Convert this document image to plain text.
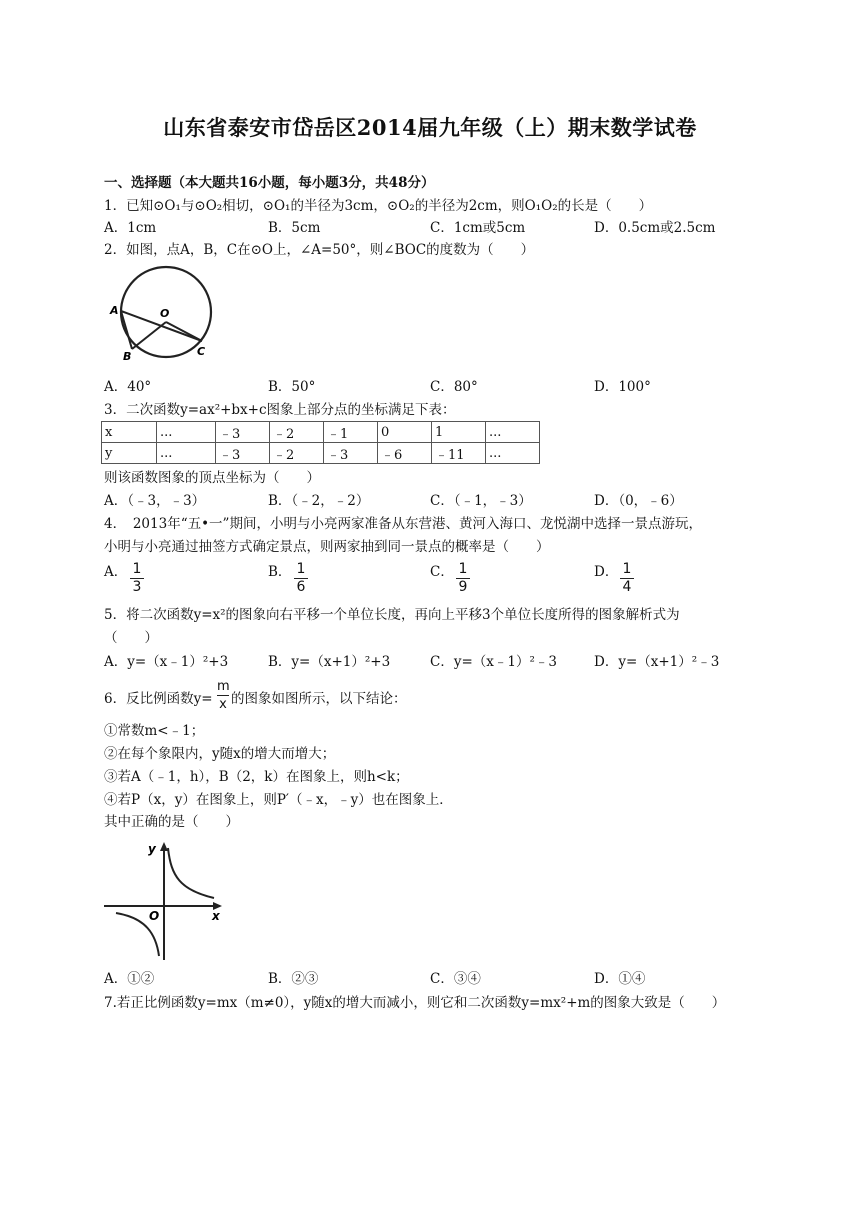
山东省泰安市岱岳区2014届九年级（上）期末数学试卷
一、选择题（本大题共16小题，每小题3分，共48分）
1．已知⊙O₁与⊙O₂相切，⊙O₁的半径为3cm，⊙O₂的半径为2cm，则O₁O₂的长是（　　）
A．1cm	B．5cm	C．1cm或5cm	D．0.5cm或2.5cm
2．如图，点A，B，C在⊙O上，∠A=50°，则∠BOC的度数为（　　）
A	O
B	C
A．40°	B．50°	C．80°	D．100°
3．二次函数y=ax²+bx+c图象上部分点的坐标满足下表：
x	...	﹣3	﹣2	﹣1	0	1	...
y	...	﹣3	﹣2	﹣3	﹣6	﹣11	...
则该函数图象的顶点坐标为（　　）
A．（﹣3，﹣3）	B．（﹣2，﹣2）	C．（﹣1，﹣3）	D．（0，﹣6）
4．　2013年“五•一”期间，小明与小亮两家准备从东营港、黄河入海口、龙悦湖中选择一景点游玩，
小明与小亮通过抽签方式确定景点，则两家抽到同一景点的概率是（　　）
A． 1
3
B． 1
6
C． 1
9
D． 1
4
5．将二次函数y=x²的图象向右平移一个单位长度，再向上平移3个单位长度所得的图象解析式为
（　　）
A．y=（x﹣1）²+3	B．y=（x+1）²+3	C．y=（x﹣1）²﹣3	D．y=（x+1）²﹣3
6．反比例函数y=
m
x 的图象如图所示，以下结论：
①常数m<﹣1；
②在每个象限内，y随x的增大而增大；
③若A（﹣1，h），B（2，k）在图象上，则h<k；
④若P（x，y）在图象上，则P′（﹣x，﹣y）也在图象上．
其中正确的是（　　）
y
O	x
A．①②	B．②③	C．③④	D．①④
7.若正比例函数y=mx（m≠0），y随x的增大而减小，则它和二次函数y=mx²+m的图象大致是（　　）
